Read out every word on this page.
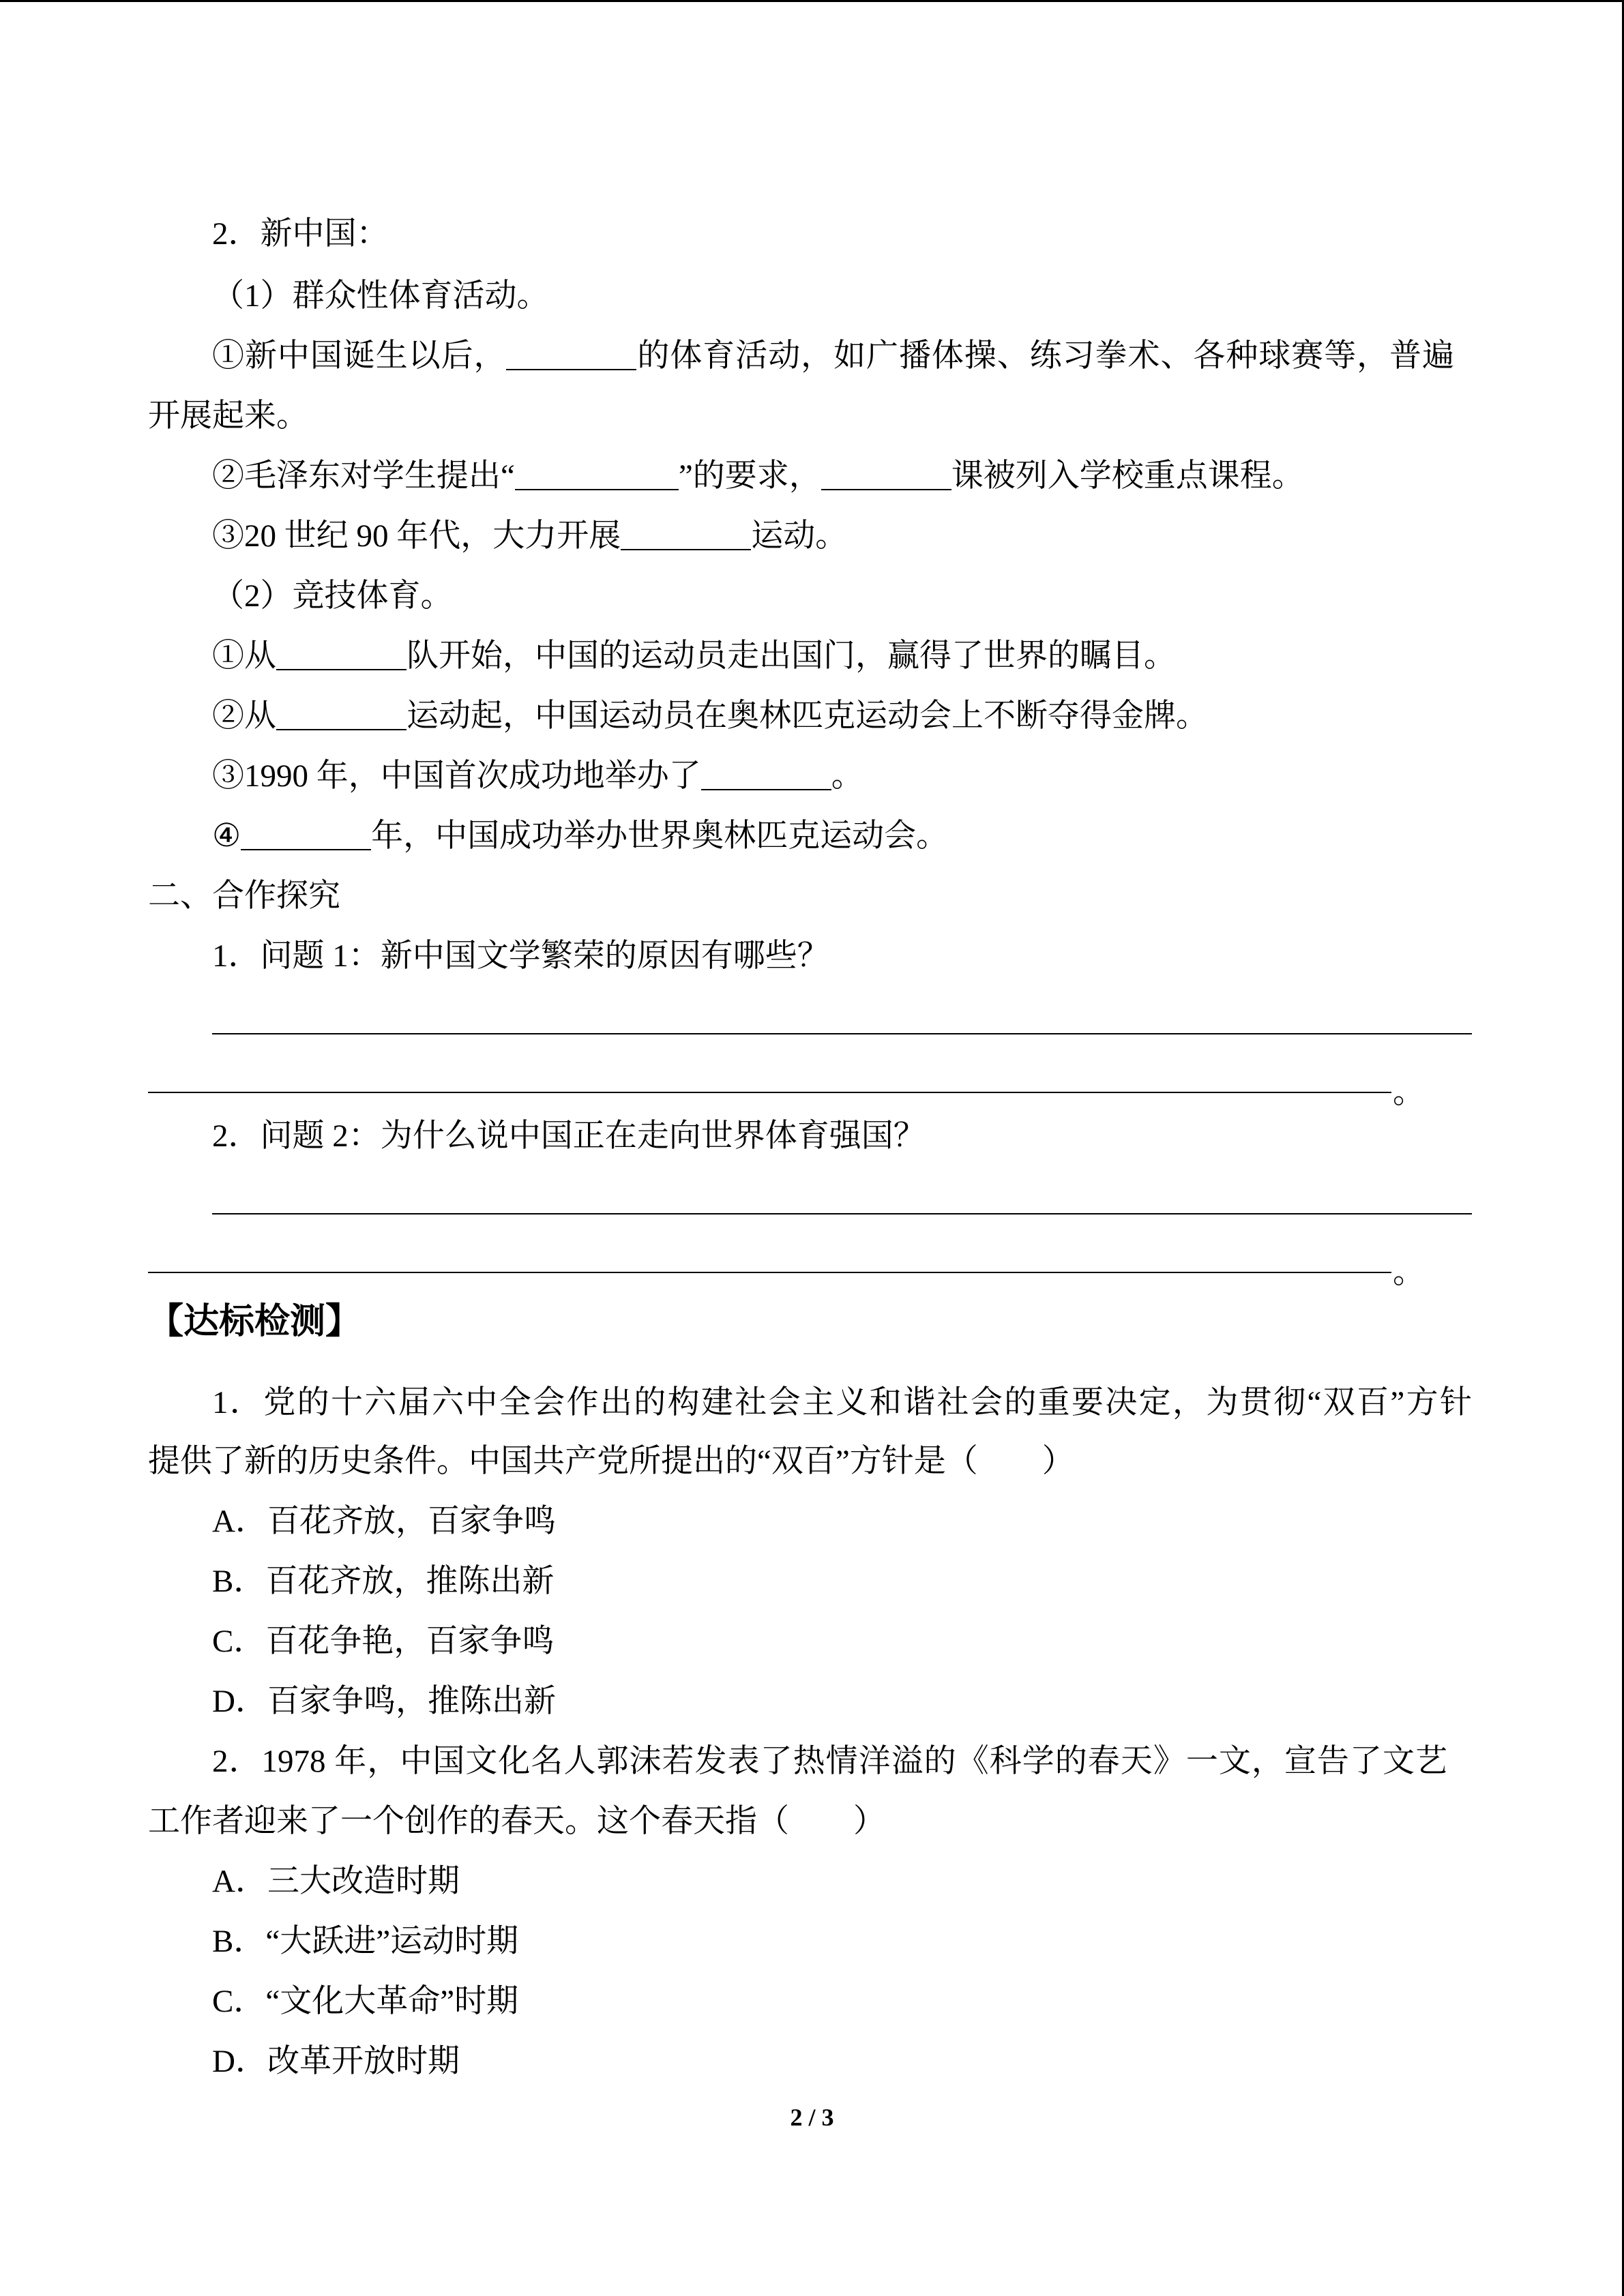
2．新中国：
（1）群众性体育活动。
①新中国诞生以后，	的体育活动，如广播体操、练习拳术、各种球赛等，普遍
开展起来。
②毛泽东对学生提出“	”的要求，	课被列入学校重点课程。
③20 世纪 90 年代，大力开展	运动。
（2）竞技体育。
①从	队开始，中国的运动员走出国门，赢得了世界的瞩目。
②从	运动起，中国运动员在奥林匹克运动会上不断夺得金牌。
③1990 年，中国首次成功地举办了	。
④	年，中国成功举办世界奥林匹克运动会。
二、合作探究
1．问题 1：新中国文学繁荣的原因有哪些？
。
2．问题 2：为什么说中国正在走向世界体育强国？
。
【达标检测】
1．党的十六届六中全会作出的构建社会主义和谐社会的重要决定，为贯彻“双百”方针
提供了新的历史条件。中国共产党所提出的“双百”方针是（　　）
A．百花齐放，百家争鸣
B．百花齐放，推陈出新
C．百花争艳，百家争鸣
D．百家争鸣，推陈出新
2．1978 年，中国文化名人郭沫若发表了热情洋溢的《科学的春天》一文，宣告了文艺
工作者迎来了一个创作的春天。这个春天指（　　）
A．三大改造时期
B．“大跃进”运动时期
C．“文化大革命”时期
D．改革开放时期
2 / 3
